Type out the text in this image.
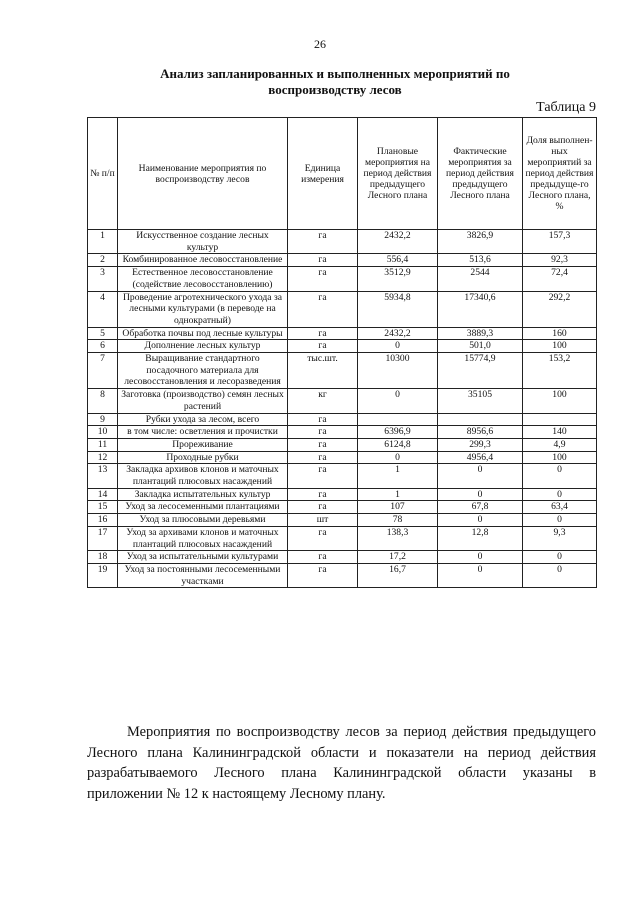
26
Анализ запланированных и выполненных мероприятий по воспроизводству лесов
Таблица 9
№ п/п	Наименование мероприятия по воспроизводству лесов	Единица измерения	Плановые мероприятия на период действия предыдущего Лесного плана	Фактические мероприятия за период действия предыдущего Лесного плана	Доля выполнен-ных мероприятий за период действия предыдуще-го Лесного плана, %
1	Искусственное создание лесных культур	га	2432,2	3826,9	157,3
2	Комбинированное лесовосстановление	га	556,4	513,6	92,3
3	Естественное лесовосстановление (содействие лесовосстановлению)	га	3512,9	2544	72,4
4	Проведение агротехнического ухода за лесными культурами (в переводе на однократный)	га	5934,8	17340,6	292,2
5	Обработка почвы под лесные культуры	га	2432,2	3889,3	160
6	Дополнение лесных культур	га	0	501,0	100
7	Выращивание стандартного посадочного материала для лесовосстановления и лесоразведения	тыс.шт.	10300	15774,9	153,2
8	Заготовка (производство) семян лесных растений	кг	0	35105	100
9	Рубки ухода за лесом, всего	га			
10	в том числе: осветления и прочистки	га	6396,9	8956,6	140
11	Прореживание	га	6124,8	299,3	4,9
12	Проходные рубки	га	0	4956,4	100
13	Закладка архивов клонов и маточных плантаций плюсовых насаждений	га	1	0	0
14	Закладка испытательных культур	га	1	0	0
15	Уход за лесосеменными плантациями	га	107	67,8	63,4
16	Уход за плюсовыми деревьями	шт	78	0	0
17	Уход за архивами клонов и маточных плантаций плюсовых насаждений	га	138,3	12,8	9,3
18	Уход за испытательными культурами	га	17,2	0	0
19	Уход за постоянными лесосеменными участками	га	16,7	0	0
Мероприятия по воспроизводству лесов за период действия предыдущего Лесного плана Калининградской области и показатели на период действия разрабатываемого Лесного плана Калининградской области указаны в приложении № 12 к настоящему Лесному плану.
